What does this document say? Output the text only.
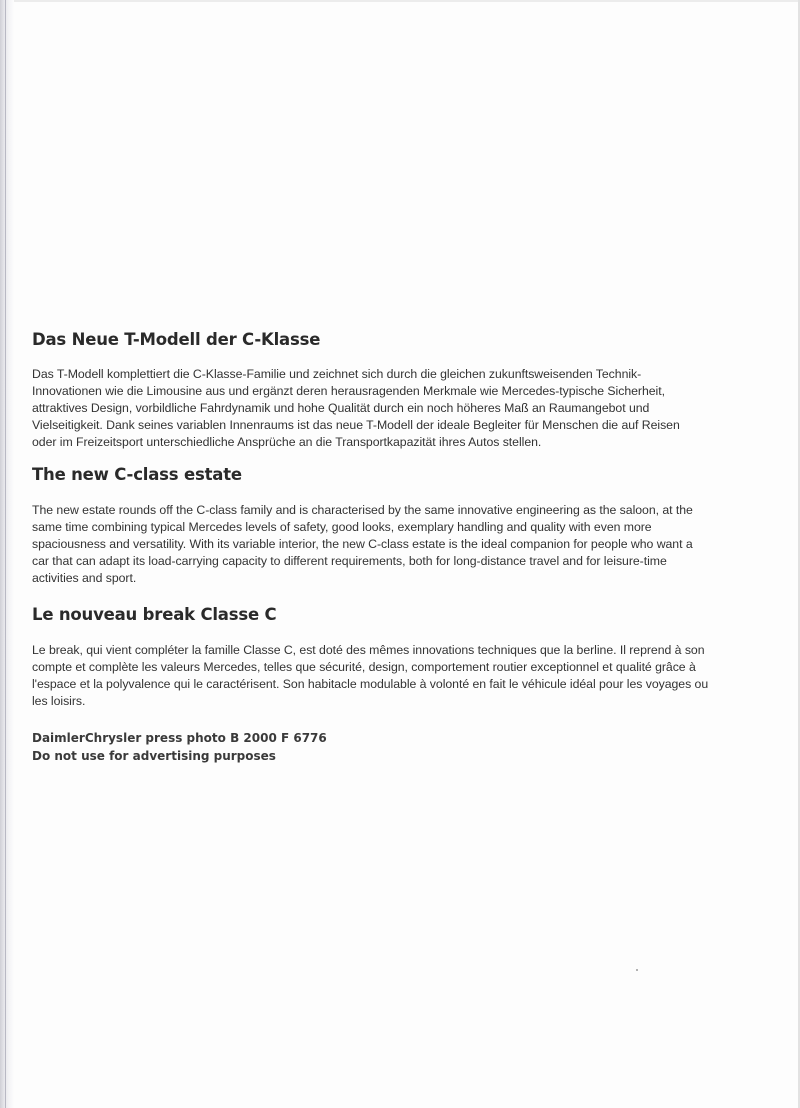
Das Neue T-Modell der C-Klasse

Das T-Modell komplettiert die C-Klasse-Familie und zeichnet sich durch die gleichen zukunftsweisenden Technik-
Innovationen wie die Limousine aus und ergänzt deren herausragenden Merkmale wie Mercedes-typische Sicherheit,
attraktives Design, vorbildliche Fahrdynamik und hohe Qualität durch ein noch höheres Maß an Raumangebot und
Vielseitigkeit. Dank seines variablen Innenraums ist das neue T-Modell der ideale Begleiter für Menschen die auf Reisen
oder im Freizeitsport unterschiedliche Ansprüche an die Transportkapazität ihres Autos stellen.

The new C-class estate

The new estate rounds off the C-class family and is characterised by the same innovative engineering as the saloon, at the
same time combining typical Mercedes levels of safety, good looks, exemplary handling and quality with even more
spaciousness and versatility. With its variable interior, the new C-class estate is the ideal companion for people who want a
car that can adapt its load-carrying capacity to different requirements, both for long-distance travel and for leisure-time
activities and sport.

Le nouveau break Classe C

Le break, qui vient compléter la famille Classe C, est doté des mêmes innovations techniques que la berline. Il reprend à son
compte et complète les valeurs Mercedes, telles que sécurité, design, comportement routier exceptionnel et qualité grâce à
l'espace et la polyvalence qui le caractérisent. Son habitacle modulable à volonté en fait le véhicule idéal pour les voyages ou
les loisirs.

DaimlerChrysler press photo B 2000 F 6776
Do not use for advertising purposes
